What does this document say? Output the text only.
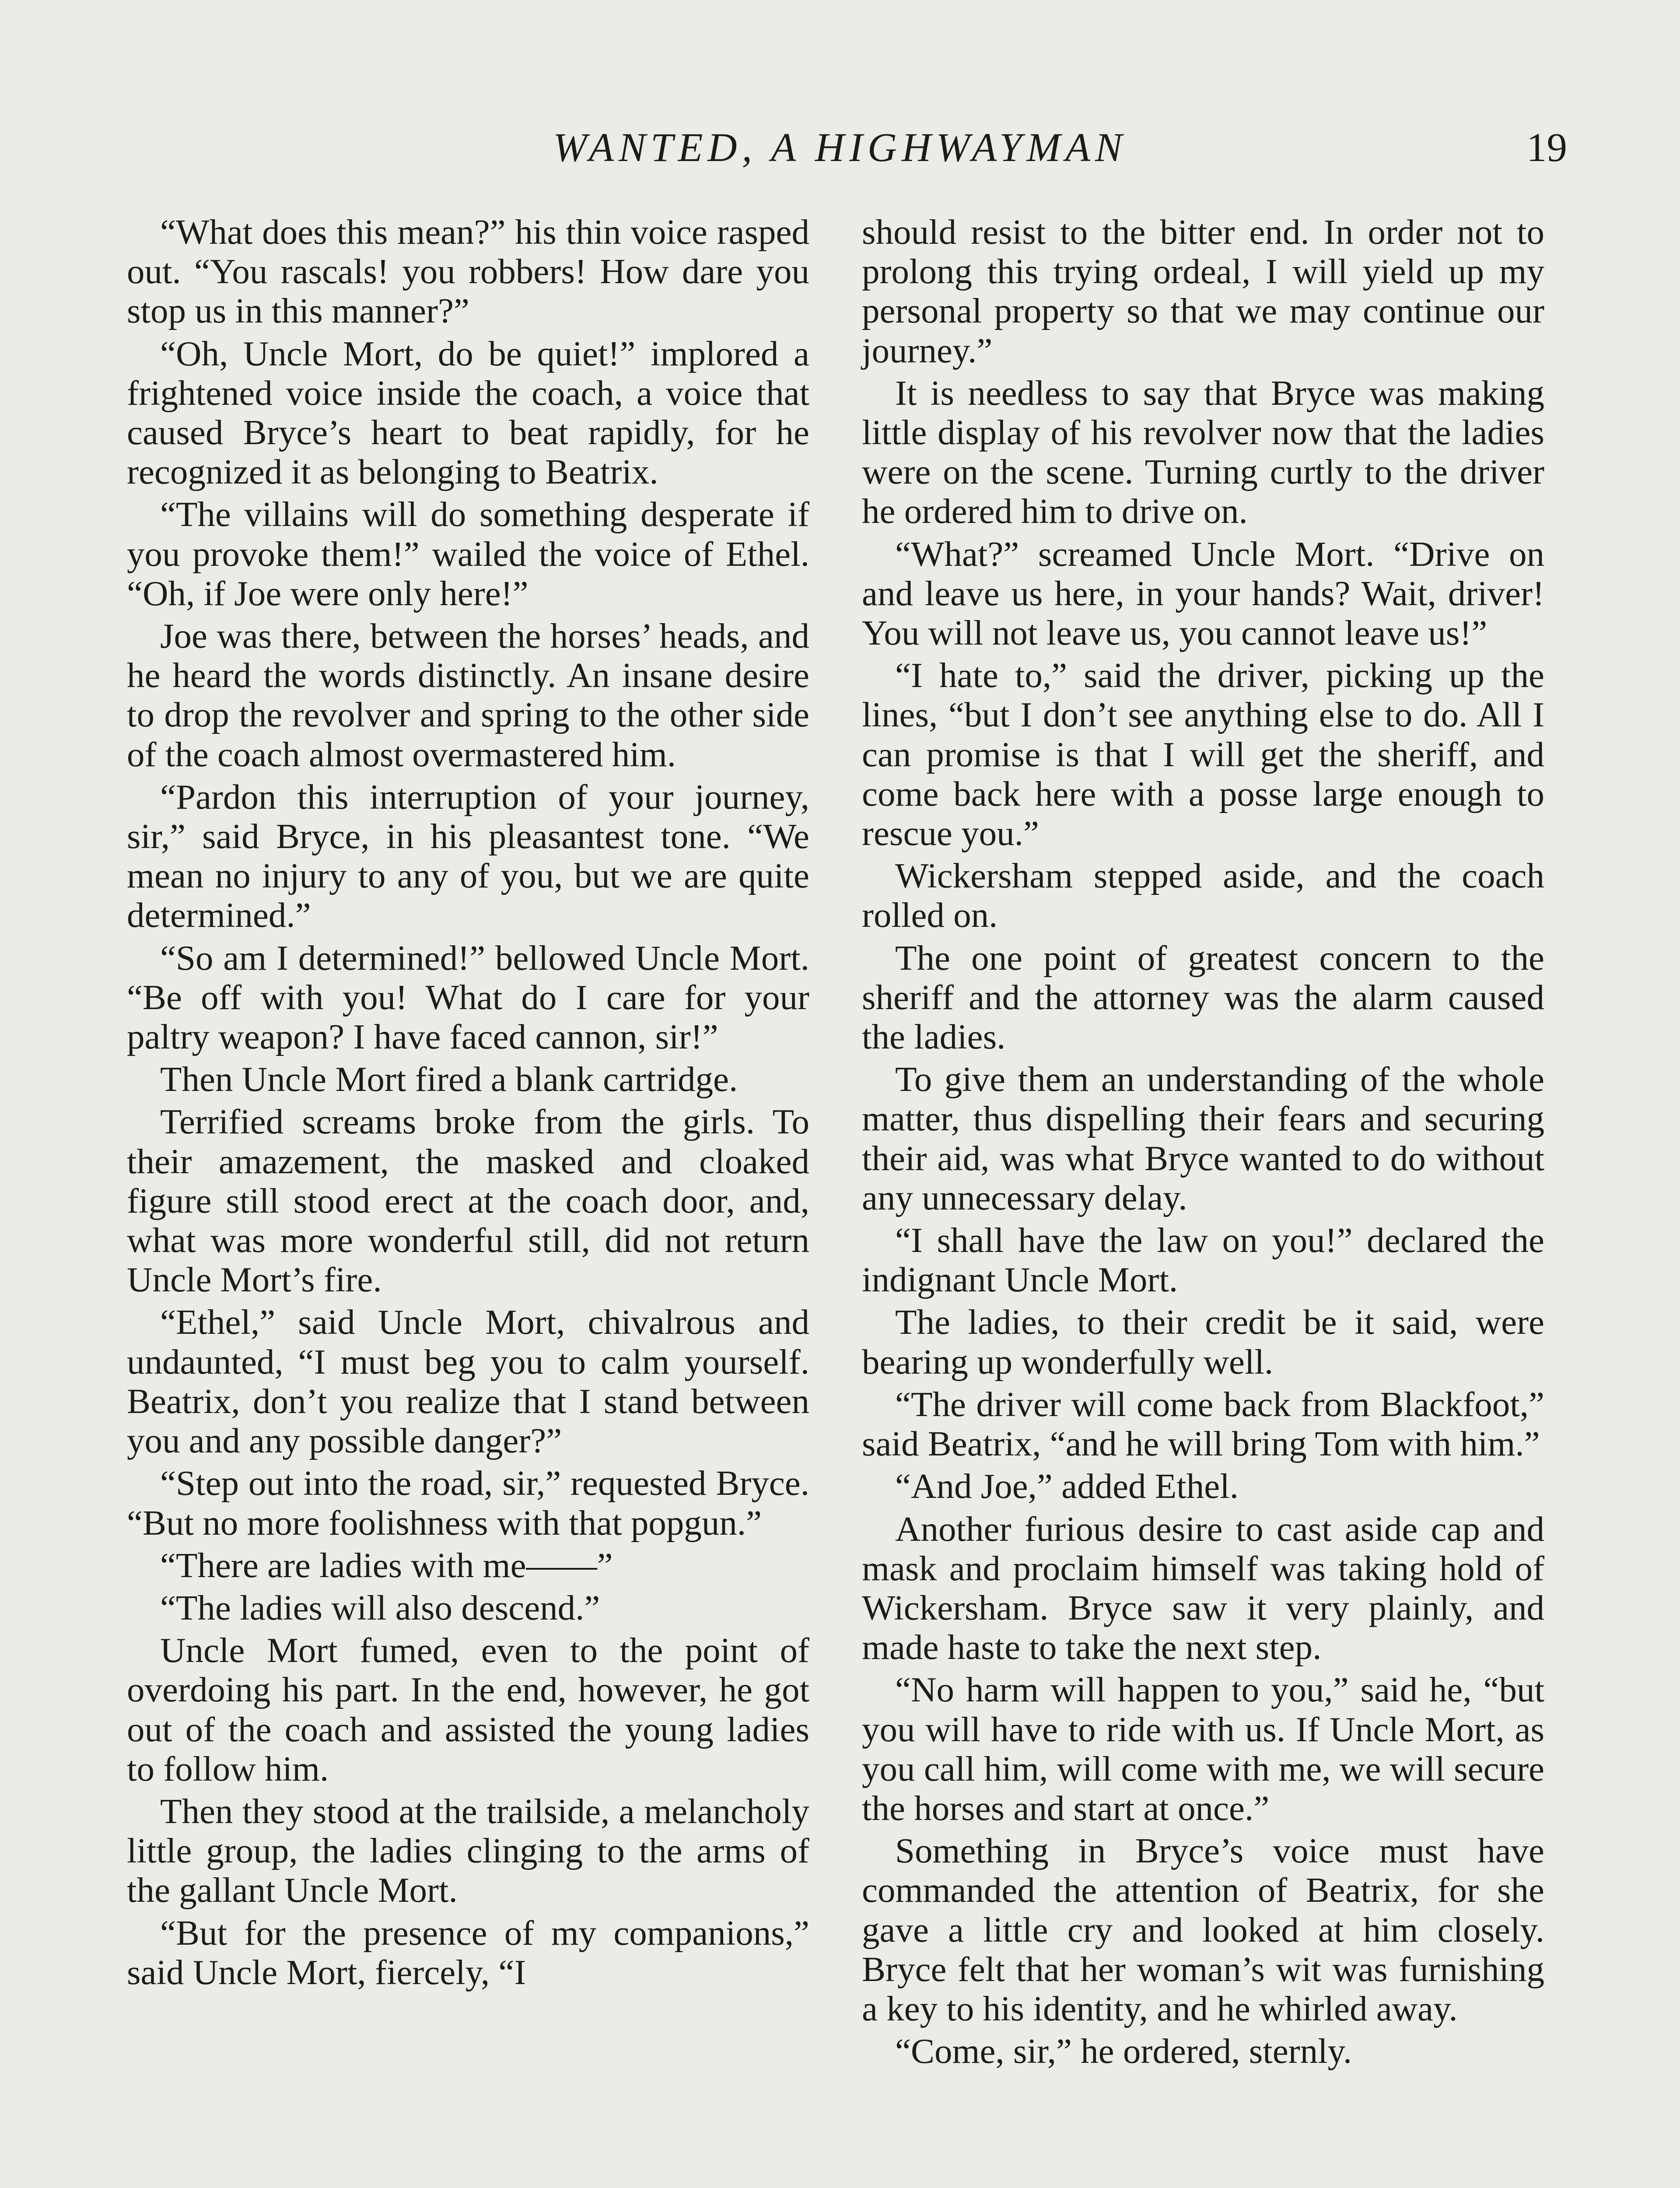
WANTED, A HIGHWAYMAN	19

“What does this mean?” his thin voice rasped out. “You rascals! you robbers! How dare you stop us in this manner?”

“Oh, Uncle Mort, do be quiet!” implored a frightened voice inside the coach, a voice that caused Bryce’s heart to beat rapidly, for he recognized it as belonging to Beatrix.

“The villains will do something desperate if you provoke them!” wailed the voice of Ethel. “Oh, if Joe were only here!”

Joe was there, between the horses’ heads, and he heard the words distinctly. An insane desire to drop the revolver and spring to the other side of the coach almost overmastered him.

“Pardon this interruption of your journey, sir,” said Bryce, in his pleasantest tone. “We mean no injury to any of you, but we are quite determined.”

“So am I determined!” bellowed Uncle Mort. “Be off with you! What do I care for your paltry weapon? I have faced cannon, sir!”

Then Uncle Mort fired a blank cartridge.

Terrified screams broke from the girls. To their amazement, the masked and cloaked figure still stood erect at the coach door, and, what was more wonderful still, did not return Uncle Mort’s fire.

“Ethel,” said Uncle Mort, chivalrous and undaunted, “I must beg you to calm yourself. Beatrix, don’t you realize that I stand between you and any possible danger?”

“Step out into the road, sir,” requested Bryce. “But no more foolishness with that popgun.”

“There are ladies with me——”

“The ladies will also descend.”

Uncle Mort fumed, even to the point of overdoing his part. In the end, however, he got out of the coach and assisted the young ladies to follow him.

Then they stood at the trailside, a melancholy little group, the ladies clinging to the arms of the gallant Uncle Mort.

“But for the presence of my companions,” said Uncle Mort, fiercely, “I

should resist to the bitter end. In order not to prolong this trying ordeal, I will yield up my personal property so that we may continue our journey.”

It is needless to say that Bryce was making little display of his revolver now that the ladies were on the scene. Turning curtly to the driver he ordered him to drive on.

“What?” screamed Uncle Mort. “Drive on and leave us here, in your hands? Wait, driver! You will not leave us, you cannot leave us!”

“I hate to,” said the driver, picking up the lines, “but I don’t see anything else to do. All I can promise is that I will get the sheriff, and come back here with a posse large enough to rescue you.”

Wickersham stepped aside, and the coach rolled on.

The one point of greatest concern to the sheriff and the attorney was the alarm caused the ladies.

To give them an understanding of the whole matter, thus dispelling their fears and securing their aid, was what Bryce wanted to do without any unnecessary delay.

“I shall have the law on you!” declared the indignant Uncle Mort.

The ladies, to their credit be it said, were bearing up wonderfully well.

“The driver will come back from Blackfoot,” said Beatrix, “and he will bring Tom with him.”

“And Joe,” added Ethel.

Another furious desire to cast aside cap and mask and proclaim himself was taking hold of Wickersham. Bryce saw it very plainly, and made haste to take the next step.

“No harm will happen to you,” said he, “but you will have to ride with us. If Uncle Mort, as you call him, will come with me, we will secure the horses and start at once.”

Something in Bryce’s voice must have commanded the attention of Beatrix, for she gave a little cry and looked at him closely. Bryce felt that her woman’s wit was furnishing a key to his identity, and he whirled away.

“Come, sir,” he ordered, sternly.
